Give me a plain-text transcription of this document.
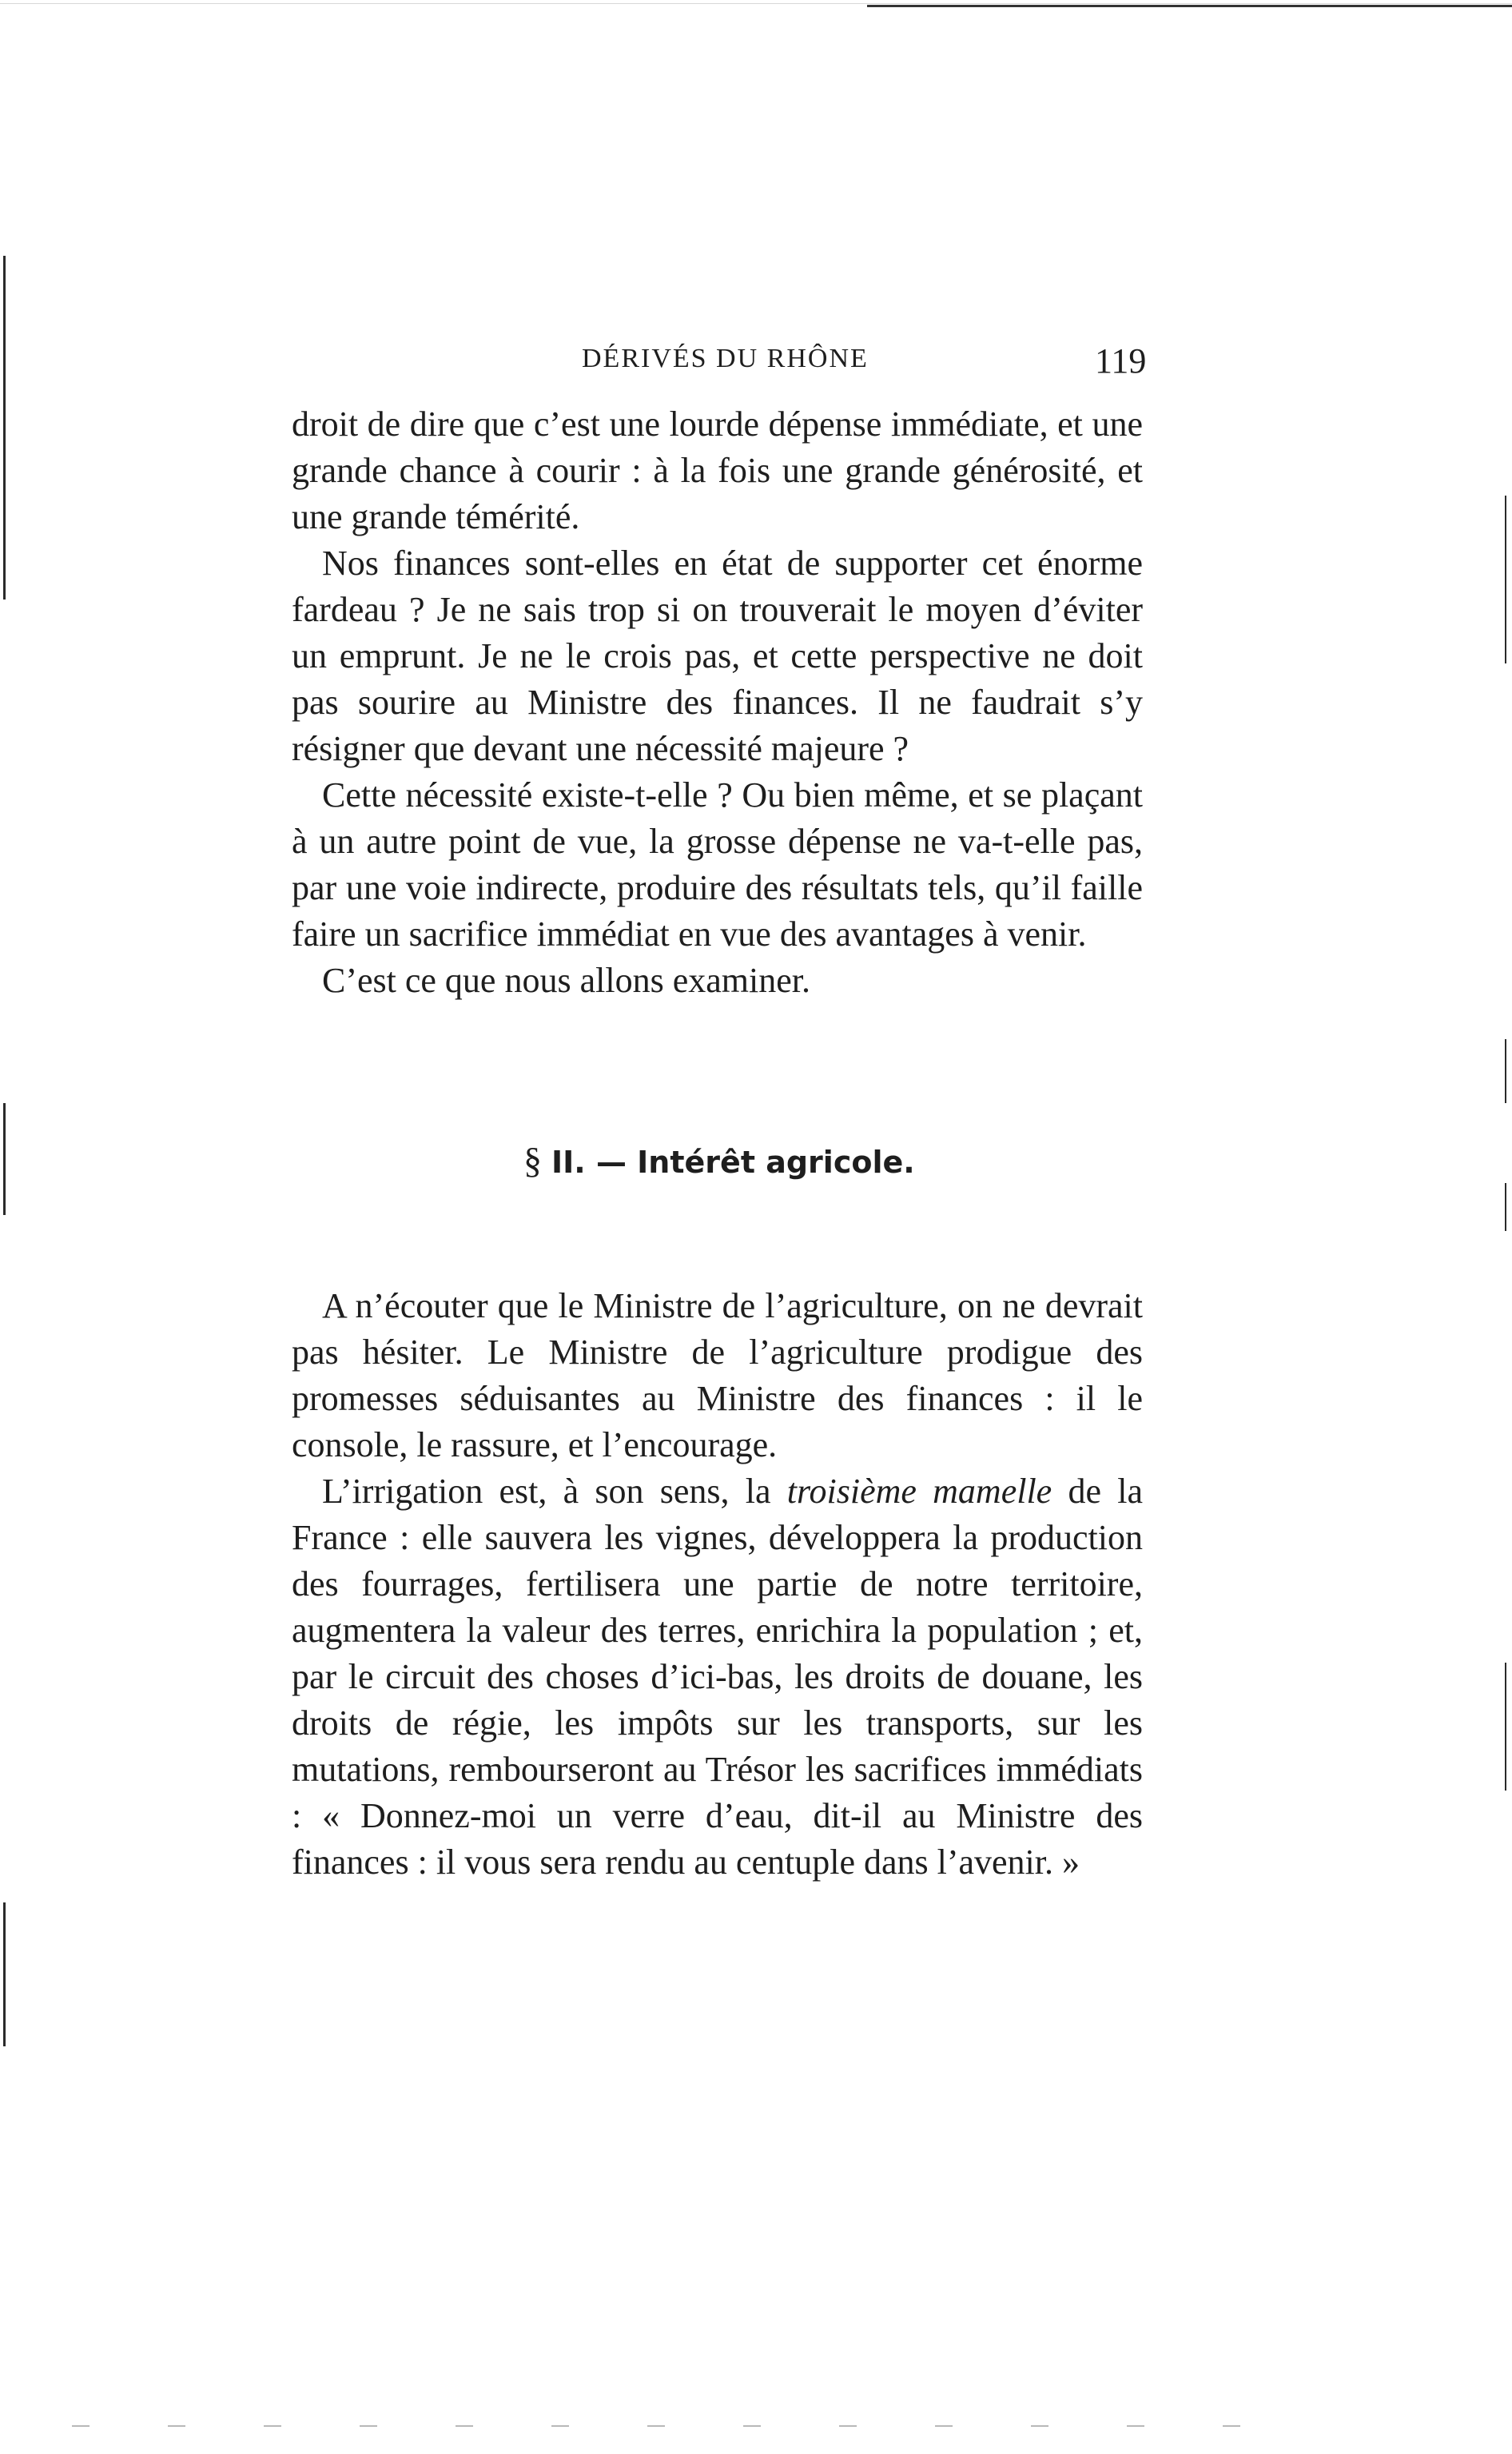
DÉRIVÉS DU RHÔNE	119

droit de dire que c’est une lourde dépense immédiate, et une grande chance à courir : à la fois une grande générosité, et une grande témérité.

Nos finances sont-elles en état de supporter cet énorme fardeau ? Je ne sais trop si on trouverait le moyen d’éviter un emprunt. Je ne le crois pas, et cette perspective ne doit pas sourire au Ministre des finances. Il ne faudrait s’y résigner que devant une nécessité majeure ?

Cette nécessité existe-t-elle ? Ou bien même, et se plaçant à un autre point de vue, la grosse dépense ne va-t-elle pas, par une voie indirecte, produire des résultats tels, qu’il faille faire un sacrifice immédiat en vue des avantages à venir.

C’est ce que nous allons examiner.

§ II. — Intérêt agricole.

A n’écouter que le Ministre de l’agriculture, on ne devrait pas hésiter. Le Ministre de l’agriculture prodigue des promesses séduisantes au Ministre des finances : il le console, le rassure, et l’encourage.

L’irrigation est, à son sens, la troisième mamelle de la France : elle sauvera les vignes, développera la production des fourrages, fertilisera une partie de notre territoire, augmentera la valeur des terres, enrichira la population ; et, par le circuit des choses d’ici-bas, les droits de douane, les droits de régie, les impôts sur les transports, sur les mutations, rembourseront au Trésor les sacrifices immédiats : « Donnez-moi un verre d’eau, dit-il au Ministre des finances : il vous sera rendu au centuple dans l’avenir. »
